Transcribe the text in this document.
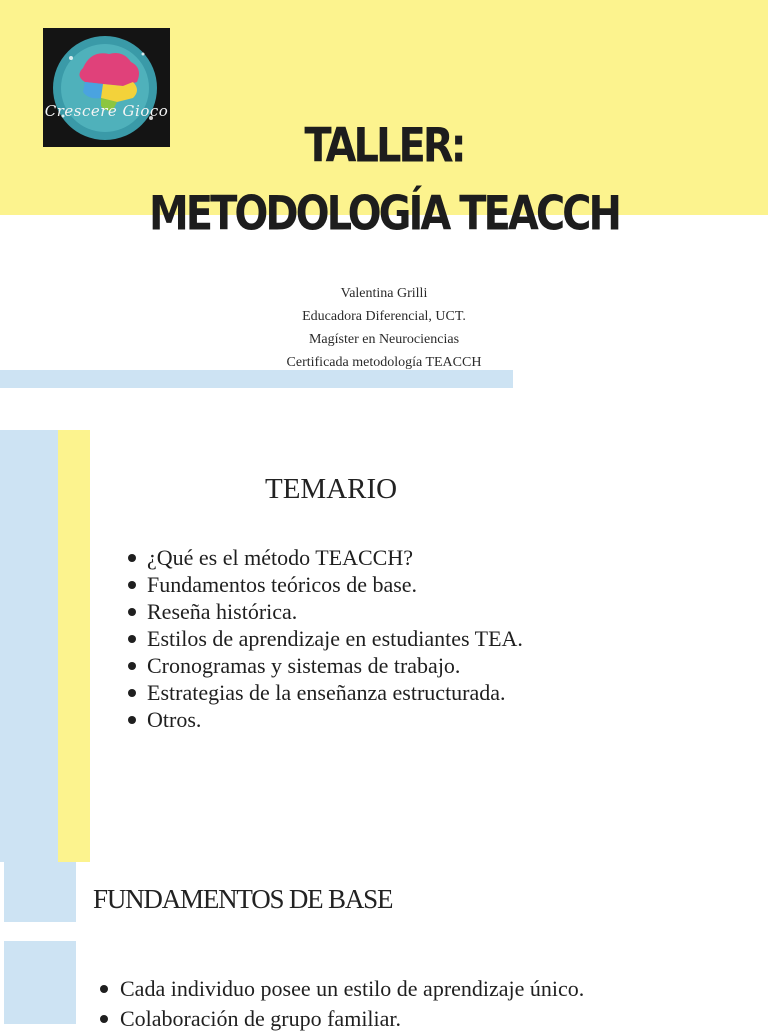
Crescere Gioco
TALLER:
METODOLOGÍA TEACCH
Valentina Grilli
Educadora Diferencial, UCT.
Magíster en Neurociencias
Certificada metodología TEACCH
TEMARIO
¿Qué es el método TEACCH?
Fundamentos teóricos de base.
Reseña histórica.
Estilos de aprendizaje en estudiantes TEA.
Cronogramas y sistemas de trabajo.
Estrategias de la enseñanza estructurada.
Otros.
FUNDAMENTOS DE BASE
Cada individuo posee un estilo de aprendizaje único.
Colaboración de grupo familiar.
